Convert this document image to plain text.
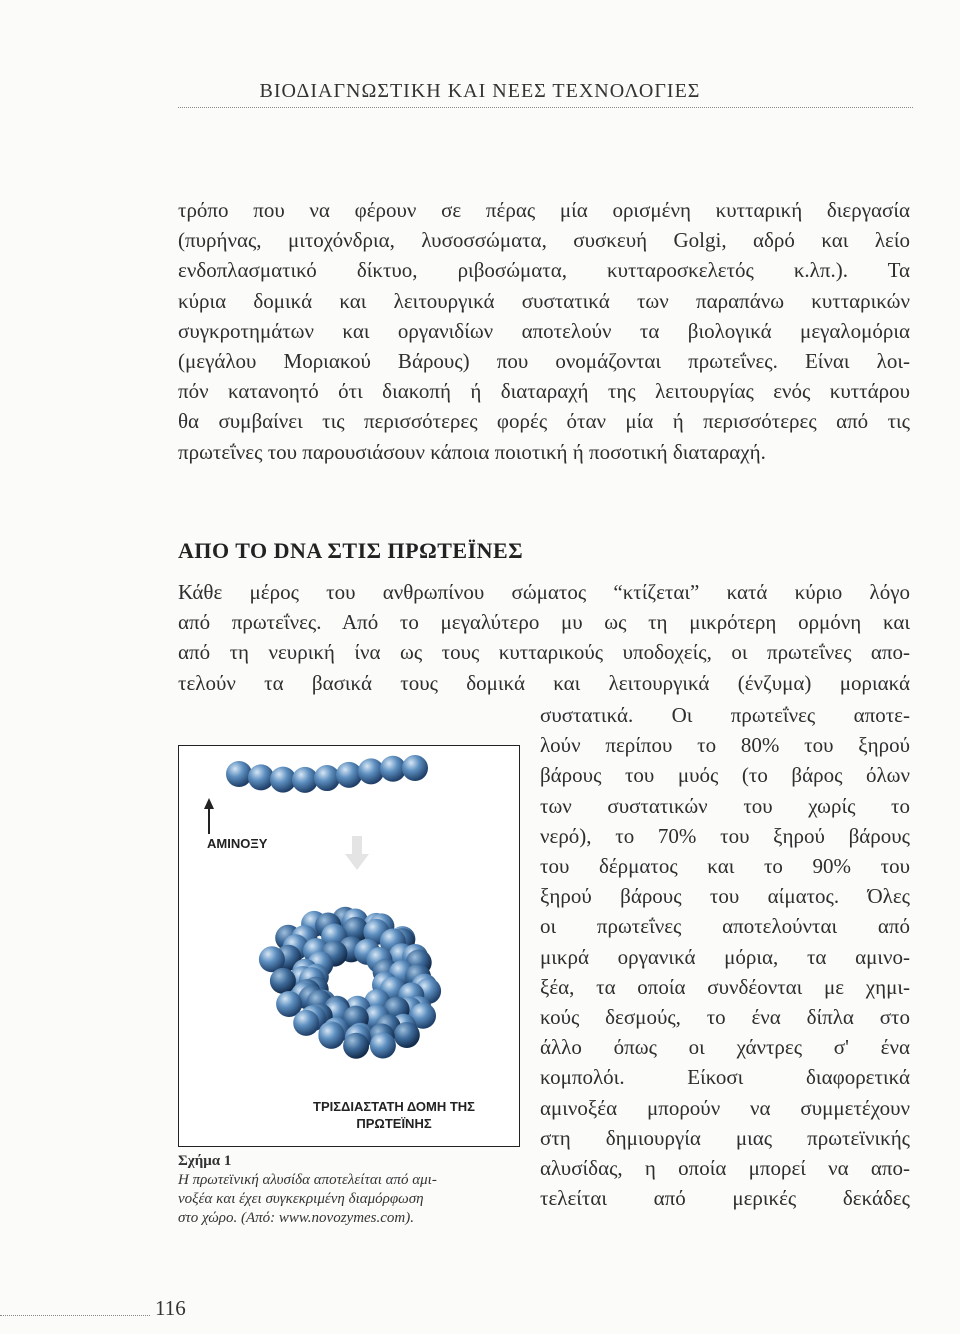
ΒΙΟΔΙΑΓΝΩΣΤΙΚΗ ΚΑΙ ΝΕΕΣ ΤΕΧΝΟΛΟΓΙΕΣ

τρόπο που να φέρουν σε πέρας μία ορισμένη κυτταρική διεργασία
(πυρήνας, μιτοχόνδρια, λυσοσσώματα, συσκευή Golgi, αδρό και λείο
ενδοπλασματικό δίκτυο, ριβοσώματα, κυτταροσκελετός κ.λπ.). Τα
κύρια δομικά και λειτουργικά συστατικά των παραπάνω κυτταρικών
συγκροτημάτων και οργανιδίων αποτελούν τα βιολογικά μεγαλομόρια
(μεγάλου Μοριακού Βάρους) που ονομάζονται πρωτεΐνες. Είναι λοι-
πόν κατανοητό ότι διακοπή ή διαταραχή της λειτουργίας ενός κυττάρου
θα συμβαίνει τις περισσότερες φορές όταν μία ή περισσότερες από τις
πρωτεΐνες του παρουσιάσουν κάποια ποιοτική ή ποσοτική διαταραχή.

ΑΠΟ ΤΟ DNA ΣΤΙΣ ΠΡΩΤΕΪΝΕΣ

Κάθε μέρος του ανθρωπίνου σώματος “κτίζεται” κατά κύριο λόγο
από πρωτεΐνες. Από το μεγαλύτερο μυ ως τη μικρότερη ορμόνη και
από τη νευρική ίνα ως τους κυτταρικούς υποδοχείς, οι πρωτεΐνες απο-
τελούν τα βασικά τους δομικά και λειτουργικά (ένζυμα) μοριακά

συστατικά. Οι πρωτεΐνες αποτε-
λούν περίπου το 80% του ξηρού
βάρους του μυός (το βάρος όλων
των συστατικών του χωρίς το
νερό), το 70% του ξηρού βάρους
του δέρματος και το 90% του
ξηρού βάρους του αίματος. Όλες
οι πρωτεΐνες αποτελούνται από
μικρά οργανικά μόρια, τα αμινο-
ξέα, τα οποία συνδέονται με χημι-
κούς δεσμούς, το ένα δίπλα στο
άλλο όπως οι χάντρες σ' ένα
κομπολόι. Είκοσι διαφορετικά
αμινοξέα μπορούν να συμμετέχουν
στη δημιουργία μιας πρωτεϊνικής
αλυσίδας, η οποία μπορεί να απο-
τελείται από μερικές δεκάδες

ΑΜΙΝΟΞΥ
ΤΡΙΣΔΙΑΣΤΑΤΗ ΔΟΜΗ ΤΗΣ
ΠΡΩΤΕΪΝΗΣ
Σχήμα 1
Η πρωτεϊνική αλυσίδα αποτελείται από αμι-
νοξέα και έχει συγκεκριμένη διαμόρφωση
στο χώρο. (Από: www.novozymes.com).
116
